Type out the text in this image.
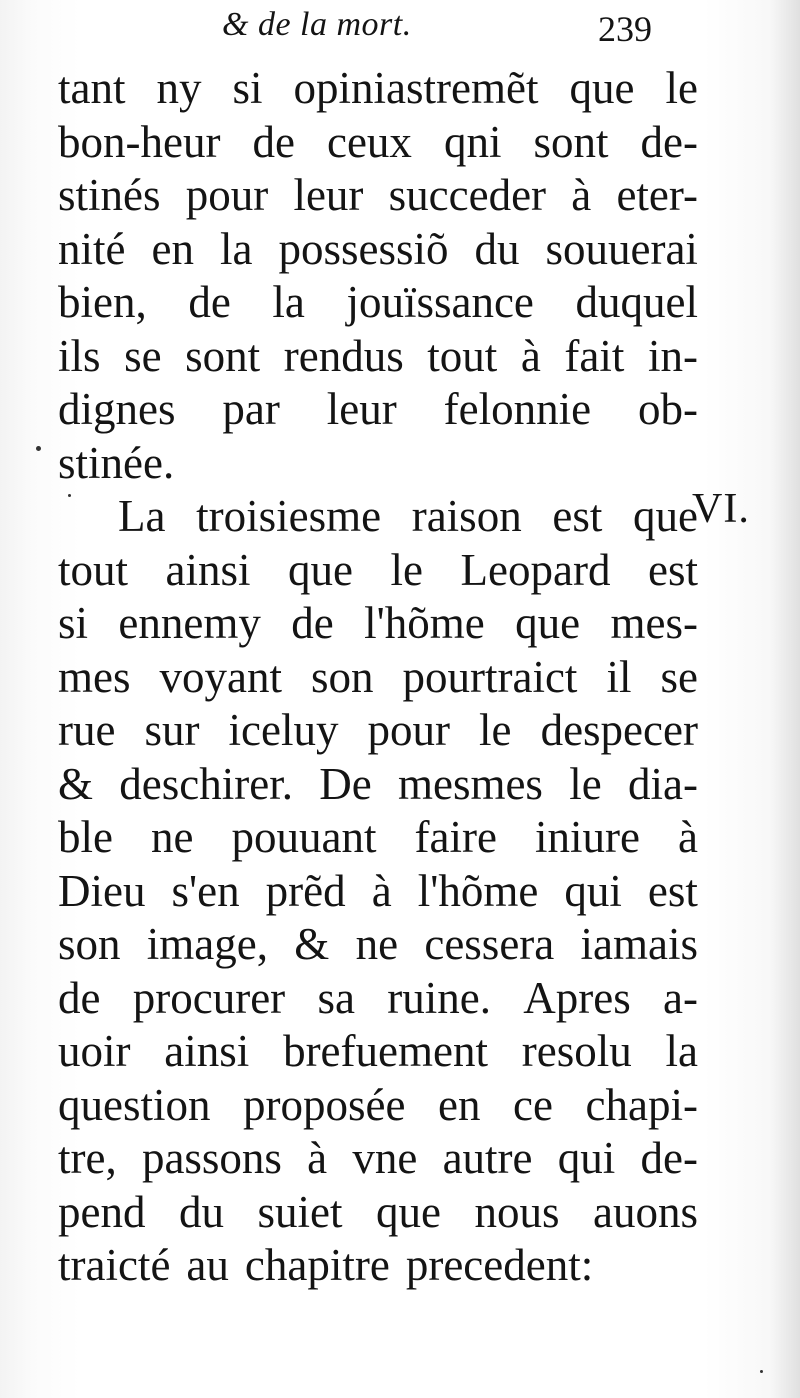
& de la mort.	239
tant ny si opiniastremẽt que le
bon-heur de ceux qni sont de-
stinés pour leur succeder à eter-
nité en la possessiõ du souuerai
bien, de la jouïssance duquel
ils se sont rendus tout à fait in-
dignes par leur felonnie ob-
stinée.
La troisiesme raison est que
tout ainsi que le Leopard est
si ennemy de l'hõme que mes-
mes voyant son pourtraict il se
rue sur iceluy pour le despecer
& deschirer. De mesmes le dia-
ble ne pouuant faire iniure à
Dieu s'en prẽd à l'hõme qui est
son image, & ne cessera iamais
de procurer sa ruine. Apres a-
uoir ainsi brefuement resolu la
question proposée en ce chapi-
tre, passons à vne autre qui de-
pend du suiet que nous auons
traicté au chapitre precedent:
VI.
